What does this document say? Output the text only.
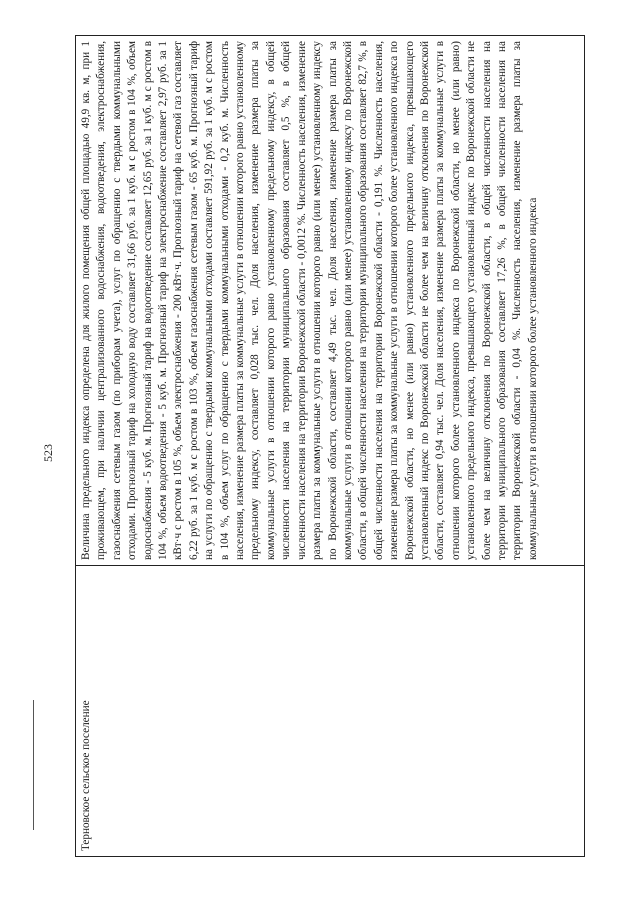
523
Терновское сельское поселение	Величина предельного индекса определена для жилого помещения общей площадью 49,9 кв. м, при 1 проживающем, при наличии централизованного водоснабжения, водоотведения, электроснабжения, газоснабжения сетевым газом (по приборам учета), услуг по обращению с твердыми коммунальными отходами. Прогнозный тариф на холодную воду составляет 31,66 руб. за 1 куб. м с ростом в 104 %, объем водоснабжения - 5 куб. м. Прогнозный тариф на водоотведение составляет 12,65 руб. за 1 куб. м с ростом в 104 %, объем водоотведения - 5 куб. м. Прогнозный тариф на электроснабжение составляет 2,97 руб. за 1 кВт·ч с ростом в 105 %, объем электроснабжения - 200 кВт·ч. Прогнозный тариф на сетевой газ составляет 6,22 руб. за 1 куб. м с ростом в 103 %, объем газоснабжения сетевым газом - 65 куб. м. Прогнозный тариф на услуги по обращению с твердыми коммунальными отходами составляет 591,92 руб. за 1 куб. м с ростом в 104 %, объем услуг по обращению с твердыми коммунальными отходами - 0,2 куб. м. Численность населения, изменение размера платы за коммунальные услуги в отношении которого равно установленному предельному индексу, составляет 0,028 тыс. чел. Доля населения, изменение размера платы за коммунальные услуги в отношении которого равно установленному предельному индексу, в общей численности населения на территории муниципального образования составляет 0,5 %, в общей численности населения на территории Воронежской области - 0,0012 %. Численность населения, изменение размера платы за коммунальные услуги в отношении которого равно (или менее) установленному индексу по Воронежской области, составляет 4,49 тыс. чел. Доля населения, изменение размера платы за коммунальные услуги в отношении которого равно (или менее) установленному индексу по Воронежской области, в общей численности населения на территории муниципального образования составляет 82,7 %, в общей численности населения на территории Воронежской области - 0,191 %. Численность населения, изменение размера платы за коммунальные услуги в отношении которого более установленного индекса по Воронежской области, но менее (или равно) установленного предельного индекса, превышающего установленный индекс по Воронежской области не более чем на величину отклонения по Воронежской области, составляет 0,94 тыс. чел. Доля населения, изменение размера платы за коммунальные услуги в отношении которого более установленного индекса по Воронежской области, но менее (или равно) установленного предельного индекса, превышающего установленный индекс по Воронежской области не более чем на величину отклонения по Воронежской области, в общей численности населения на территории муниципального образования составляет 17,26 %, в общей численности населения на территории Воронежской области - 0,04 %. Численность населения, изменение размера платы за коммунальные услуги в отношении которого более установленного индекса
